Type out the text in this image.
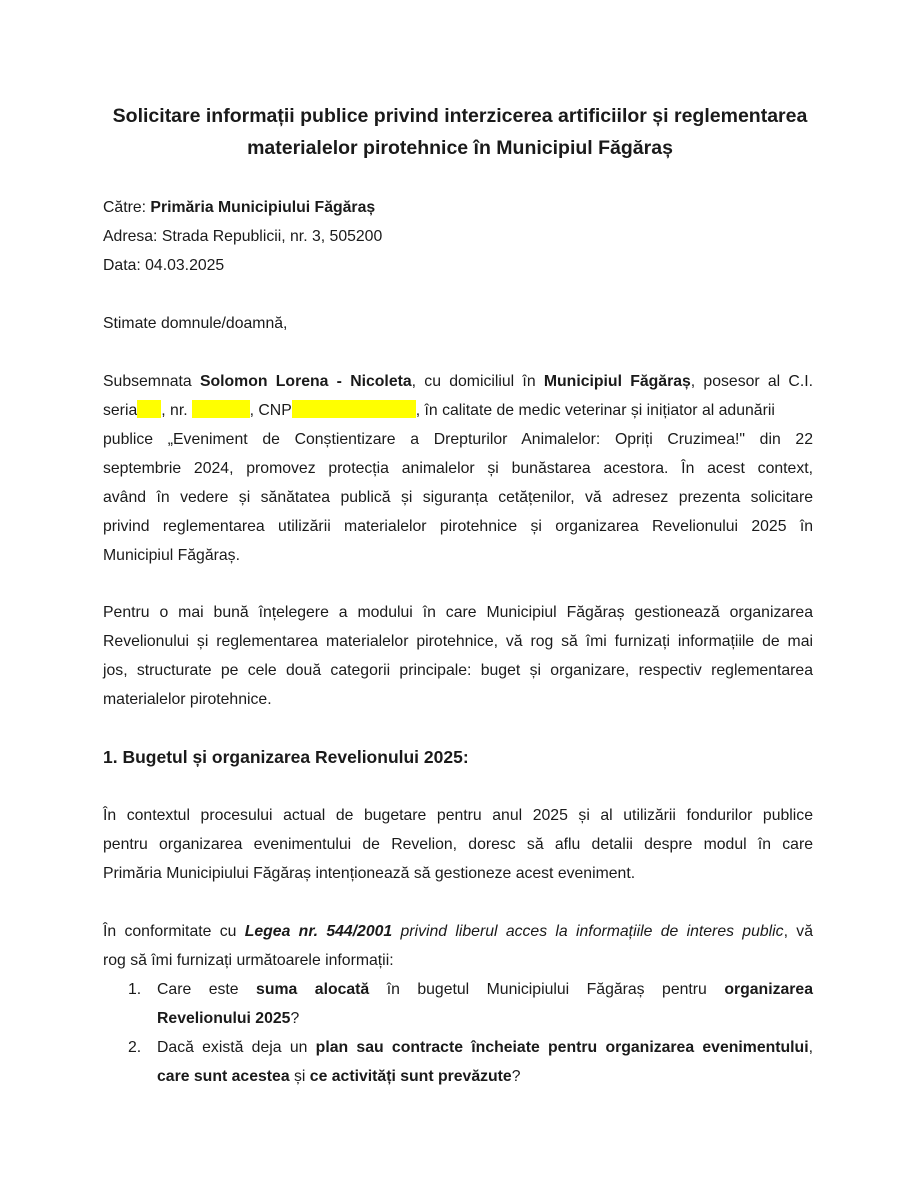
Solicitare informații publice privind interzicerea artificiilor și reglementarea
materialelor pirotehnice în Municipiul Făgăraș
Către: Primăria Municipiului Făgăraș
Adresa: Strada Republicii, nr. 3, 505200
Data: 04.03.2025
Stimate domnule/doamnă,
Subsemnata Solomon Lorena - Nicoleta, cu domiciliul în Municipiul Făgăraș, posesor al C.I.
seria , nr.	, CNP	, în calitate de medic veterinar și inițiator al adunării
publice „Eveniment de Conștientizare a Drepturilor Animalelor: Opriți Cruzimea!" din 22
septembrie 2024, promovez protecția animalelor și bunăstarea acestora. În acest context,
având în vedere și sănătatea publică și siguranța cetățenilor, vă adresez prezenta solicitare
privind reglementarea utilizării materialelor pirotehnice și organizarea Revelionului 2025 în
Municipiul Făgăraș.
Pentru o mai bună înțelegere a modului în care Municipiul Făgăraș gestionează organizarea
Revelionului și reglementarea materialelor pirotehnice, vă rog să îmi furnizați informațiile de mai
jos, structurate pe cele două categorii principale: buget și organizare, respectiv reglementarea
materialelor pirotehnice.
1. Bugetul și organizarea Revelionului 2025:
În contextul procesului actual de bugetare pentru anul 2025 și al utilizării fondurilor publice
pentru organizarea evenimentului de Revelion, doresc să aflu detalii despre modul în care
Primăria Municipiului Făgăraș intenționează să gestioneze acest eveniment.
În conformitate cu Legea nr. 544/2001 privind liberul acces la informațiile de interes public, vă
rog să îmi furnizați următoarele informații:
1. Care este suma alocată în bugetul Municipiului Făgăraș pentru organizarea
Revelionului 2025?
2. Dacă există deja un plan sau contracte încheiate pentru organizarea evenimentului,
care sunt acestea și ce activități sunt prevăzute?
